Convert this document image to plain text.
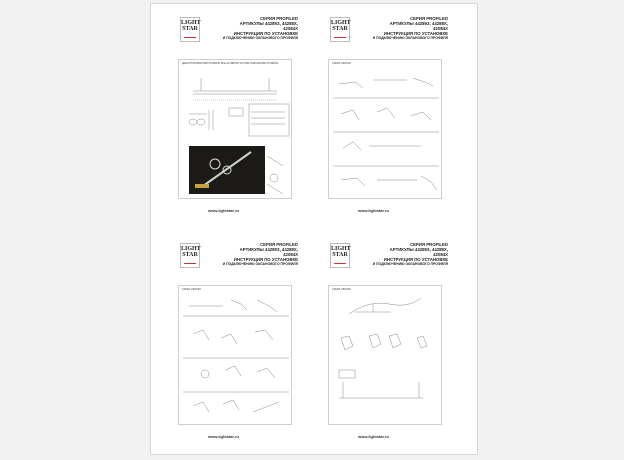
LIGHT
STAR
СЕРИЯ PROFILED
АРТИКУЛЫ 44289З, 44288Х,
42084Х
ИНСТРУКЦИЯ ПО УСТАНОВКЕ
И ПОДКЛЮЧЕНИЮ ОКЛАНОВОГО ПРОФИЛЯ
ДЕМОНТИРОВАННЫЙ ПРОФИЛЬ ВСЕ АКТИВНЫ НОТОЗЫ НАЗНАЧЕНИЕ ПРОФИЛЬ
www.lightstar.ru
LIGHT
STAR
СЕРИЯ PROFILED
АРТИКУЛЫ 44289З, 44288Х,
42084Х
ИНСТРУКЦИЯ ПО УСТАНОВКЕ
И ПОДКЛЮЧЕНИЮ ОКЛАНОВОГО ПРОФИЛЯ
СХЕМА СБОРКИ
www.lightstar.ru
LIGHT
STAR
СЕРИЯ PROFILED
АРТИКУЛЫ 44289З, 44288Х,
42084Х
ИНСТРУКЦИЯ ПО УСТАНОВКЕ
И ПОДКЛЮЧЕНИЮ ОКЛАНОВОГО ПРОФИЛЯ
СХЕМА СБОРКИ
www.lightstar.ru
LIGHT
STAR
СЕРИЯ PROFILED
АРТИКУЛЫ 44289З, 44288Х,
42084Х
ИНСТРУКЦИЯ ПО УСТАНОВКЕ
И ПОДКЛЮЧЕНИЮ ОКЛАНОВОГО ПРОФИЛЯ
СХЕМА СБОРКИ
www.lightstar.ru
